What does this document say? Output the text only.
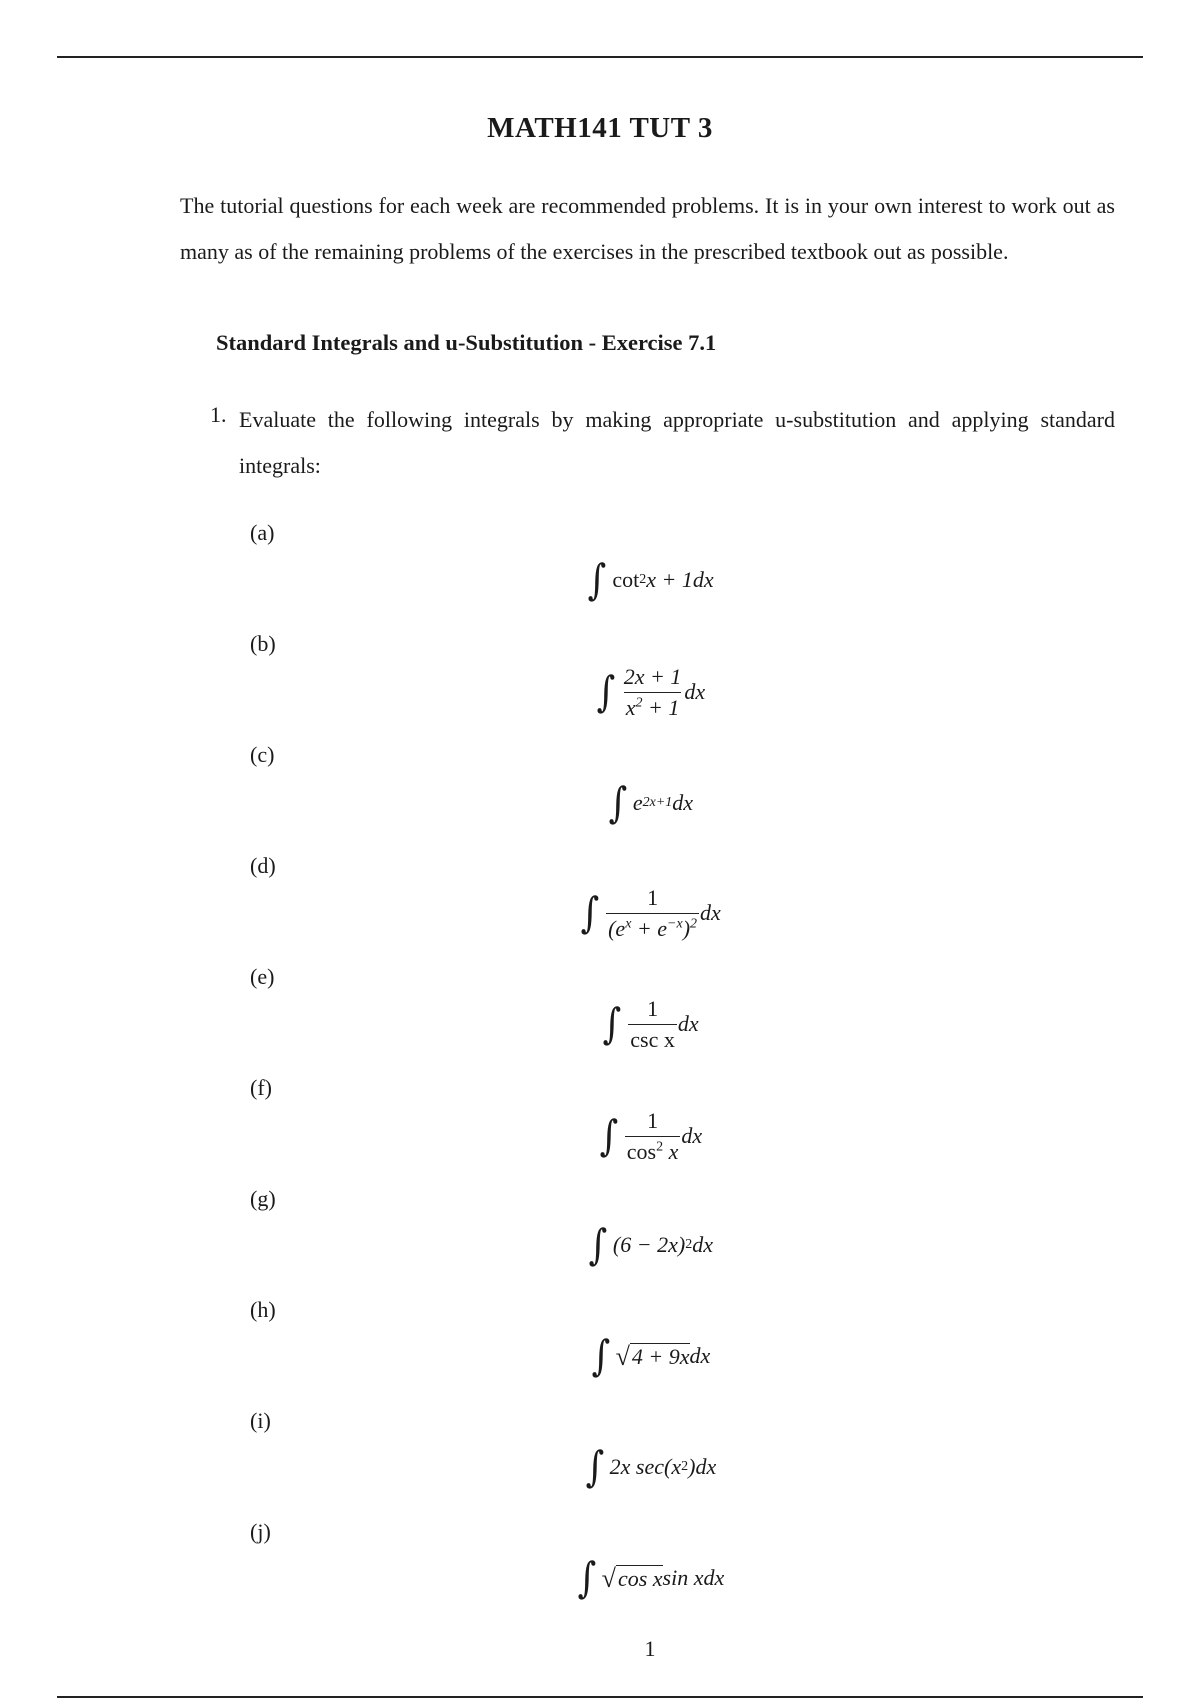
MATH141 TUT 3
The tutorial questions for each week are recommended problems. It is in your own interest to work out as many as of the remaining problems of the exercises in the prescribed textbook out as possible.
Standard Integrals and u-Substitution - Exercise 7.1
1. Evaluate the following integrals by making appropriate u-substitution and applying standard integrals:
(a)
(b)
(c)
(d)
(e)
(f)
(g)
(h)
(i)
(j)
∫ cot 2 x + 1dx
∫ $\frac{2x + 1}{x^2 + 1}$ dx
∫ e 2x+1 dx
∫ $\frac{1}{(e^x + e^{-x})^2}$ dx
∫ $\frac{1}{\text{csc x}}$ dx
∫ $\frac{1}{\cos^2 x}$ dx
∫ (6 − 2x) 2 dx
∫ √ 4 + 9x dx
∫ 2x sec(x 2 )dx
∫ √ cos x sin xdx
1
